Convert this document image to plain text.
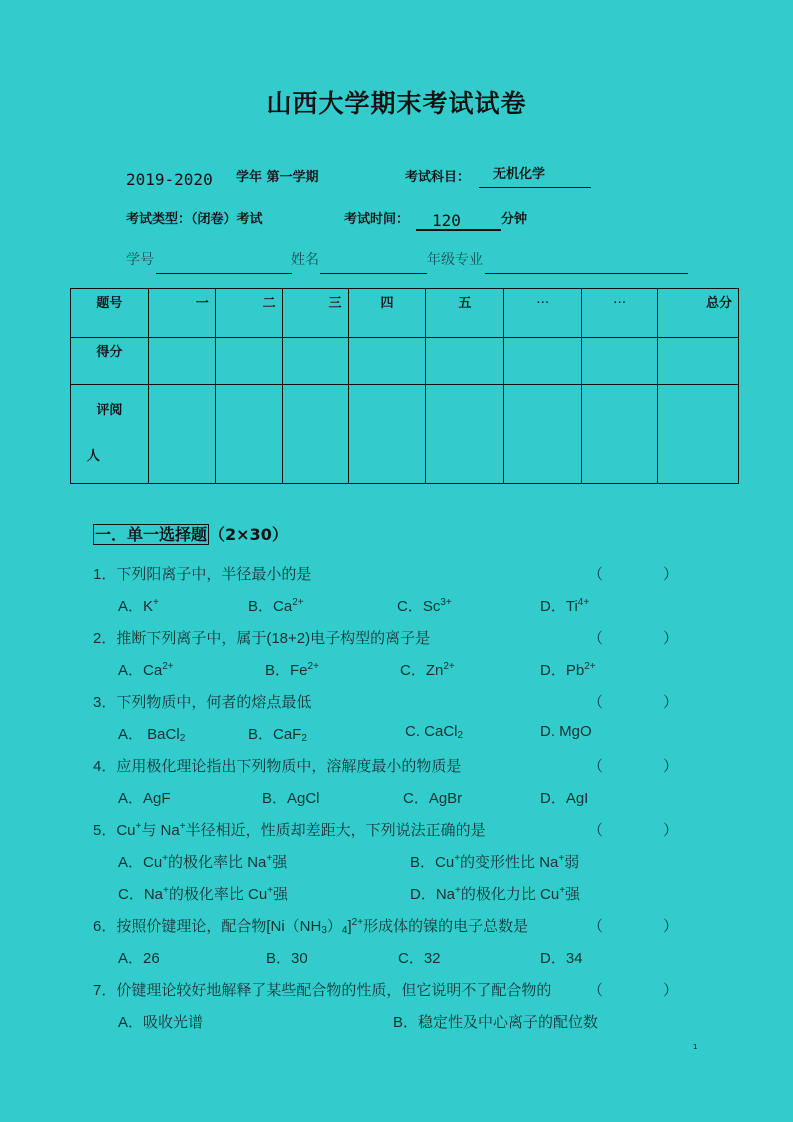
山西大学期末考试试卷
2019-2020 学年 第一学期	考试科目：	无机化学
考试类型：（闭卷）考试	考试时间：	120	分钟
学号	姓名	年级专业
题号	一	二	三	四	五	…	…	总分
得分								
评阅
人								
一．单一选择题 （2×30）
1．下列阳离子中，半径最小的是	（　　　　）
A．K+	B．$Ca^{2+}$	C．$Sc^{3+}$	D．$Ti^{4+}$
2．推断下列离子中，属于(18+2)电子构型的离子是	（　　　　）
A．$Ca^{2+}$	B．$Fe^{2+}$	C．$Zn^{2+}$	D．$Pb^{2+}$
3．下列物质中，何者的熔点最低	（　　　　）
A． BaCl$_2$	B．CaF$_2$	C. CaCl$_2$	D. MgO
4．应用极化理论指出下列物质中，溶解度最小的物质是	（　　　　）
A．AgF	B．AgCl	C．AgBr	D．AgI
5．Cu+与 Na+半径相近，性质却差距大，下列说法正确的是	（　　　　）
A．Cu+的极化率比 Na+强	B．Cu+的变形性比 Na+弱
C．Na+的极化率比 Cu+强	D．Na+的极化力比 Cu+强
6．按照价键理论，配合物$[Ni(NH_3)_4]^{2+}$形成体的镍的电子总数是	（　　　　）
A．26	B．30	C．32	D．34
7．价键理论较好地解释了某些配合物的性质，但它说明不了配合物的 （　　　　）
A．吸收光谱	B．稳定性及中心离子的配位数
1
